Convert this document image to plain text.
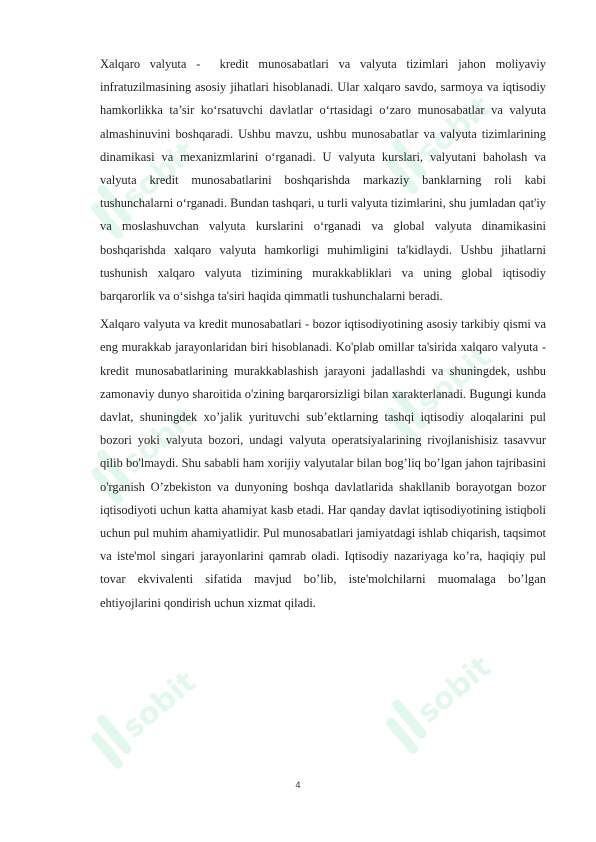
sobit
sobit
sobit
sobit
sobit	sobit

Xalqaro valyuta -  kredit munosabatlari va valyuta tizimlari jahon moliyaviy infratuzilmasining asosiy jihatlari hisoblanadi. Ular xalqaro savdo, sarmoya va iqtisodiy hamkorlikka ta’sir ko‘rsatuvchi davlatlar o‘rtasidagi o‘zaro munosabatlar va valyuta almashinuvini boshqaradi. Ushbu mavzu, ushbu munosabatlar va valyuta tizimlarining dinamikasi va mexanizmlarini o‘rganadi. U valyuta kurslari, valyutani baholash va valyuta kredit munosabatlarini boshqarishda markaziy banklarning roli kabi tushunchalarni o‘rganadi. Bundan tashqari, u turli valyuta tizimlarini, shu jumladan qat'iy va moslashuvchan valyuta kurslarini o‘rganadi va global valyuta dinamikasini boshqarishda xalqaro valyuta hamkorligi muhimligini ta'kidlaydi. Ushbu jihatlarni tushunish xalqaro valyuta tizimining murakkabliklari va uning global iqtisodiy barqarorlik va o‘sishga ta'siri haqida qimmatli tushunchalarni beradi.

Xalqaro valyuta va kredit munosabatlari - bozor iqtisodiyotining asosiy tarkibiy qismi va eng murakkab jarayonlaridan biri hisoblanadi. Ko'plab omillar ta'sirida xalqaro valyuta - kredit munosabatlarining murakkablashish jarayoni jadallashdi va shuningdek, ushbu zamonaviy dunyo sharoitida o'zining barqarorsizligi bilan xarakterlanadi. Bugungi kunda davlat, shuningdek xo’jalik yurituvchi sub’ektlarning tashqi iqtisodiy aloqalarini pul bozori yoki valyuta bozori, undagi valyuta operatsiyalarining rivojlanishisiz tasavvur qilib bo'lmaydi. Shu sababli ham xorijiy valyutalar bilan bog’liq bo’lgan jahon tajribasini o'rganish O’zbekiston va dunyoning boshqa davlatlarida shakllanib borayotgan bozor iqtisodiyoti uchun katta ahamiyat kasb etadi. Har qanday davlat iqtisodiyotining istiqboli uchun pul muhim ahamiyatlidir. Pul munosabatlari jamiyatdagi ishlab chiqarish, taqsimot va iste'mol singari jarayonlarini qamrab oladi. Iqtisodiy nazariyaga ko’ra, haqiqiy pul tovar ekvivalenti sifatida mavjud bo’lib, iste'molchilarni muomalaga bo’lgan ehtiyojlarini qondirish uchun xizmat qiladi.

4
